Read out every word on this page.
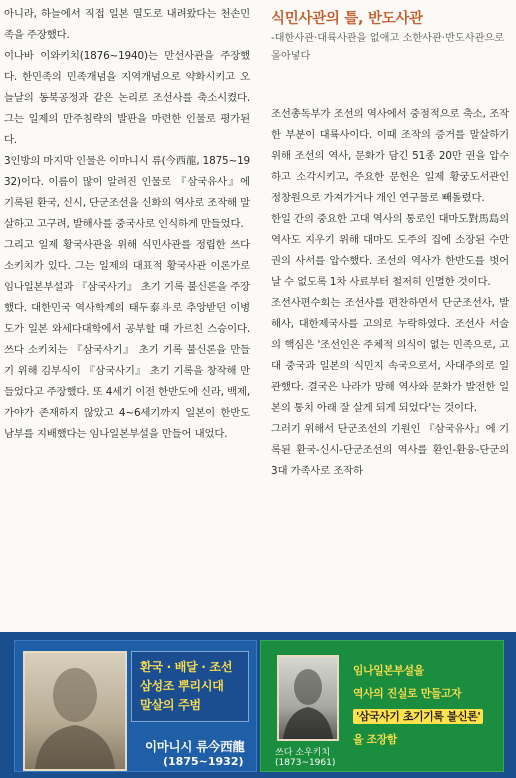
아니라, 하늘에서 직접 일본 열도로 내려왔다는 천손민족을 주장했다.

이나바 이와키치(1876~1940)는 만선사관을 주장했다. 한민족의 민족개념을 지역개념으로 약화시키고 오늘날의 동북공정과 같은 논리로 조선사를 축소시켰다. 그는 일제의 만주침략의 발판을 마련한 인물로 평가된다.

3인방의 마지막 인물은 이마니시 류(今西龍, 1875~1932)이다. 이름이 많이 알려진 인물로 『삼국유사』에 기록된 환국, 신시, 단군조선을 신화의 역사로 조작해 말살하고 고구려, 발해사를 중국사로 인식하게 만들었다.

그리고 일제 황국사관을 위해 식민사관를 정립한 쓰다 소키치가 있다. 그는 일제의 대표적 황국사관 이론가로 임나일본부설과 『삼국사기』 초기 기록 불신론을 주장했다. 대한민국 역사학계의 태두泰斗로 추앙받던 이병도가 일본 와세다대학에서 공부할 때 가르친 스승이다. 쓰다 소키치는 『삼국사기』 초기 기록 불신론을 만들기 위해 김부식이 『삼국사기』 초기 기록을 창작해 만들었다고 주장했다. 또 4세기 이전 한반도에 신라, 백제, 가야가 존재하지 않았고 4~6세기까지 일본이 한반도 남부를 지배했다는 임나일본부설을 만들어 내었다.

식민사관의 틀, 반도사관

-대한사관·대륙사관을 없애고 소한사관·반도사관으로 몰아넣다

조선총독부가 조선의 역사에서 중점적으로 축소, 조작한 부분이 대륙사이다. 이때 조작의 증거를 말살하기 위해 조선의 역사, 문화가 담긴 51종 20만 권을 압수하고 소각시키고, 주요한 문헌은 일제 황궁도서관인 정창원으로 가져가거나 개인 연구물로 빼돌렸다.

한일 간의 중요한 고대 역사의 통로인 대마도對馬島의 역사도 지우기 위해 대마도 도주의 집에 소장된 수만 권의 사서를 압수했다. 조선의 역사가 한반도를 벗어날 수 없도록 1차 사료부터 철저히 인멸한 것이다.

조선사편수회는 조선사를 편찬하면서 단군조선사, 발해사, 대한제국사를 고의로 누락하였다. 조선사 서술의 핵심은 '조선인은 주체적 의식이 없는 민족으로, 고대 중국과 일본의 식민지 속국으로서, 사대주의로 일관했다. 결국은 나라가 망해 역사와 문화가 발전한 일본의 통치 아래 잘 살게 되게 되었다'는 것이다.

그러기 위해서 단군조선의 기원인 『삼국유사』에 기록된 환국-신시-단군조선의 역사를 환인-환웅-단군의 3대 가족사로 조작하

환국 · 배달 · 조선
삼성조 뿌리시대
말살의 주범
이마니시 류今西龍
(1875~1932)
쓰다 소우키치
(1873~1961)
임나일본부설을
역사의 진실로 만들고자
'삼국사기 초기기록 불신론'
을 조장함
